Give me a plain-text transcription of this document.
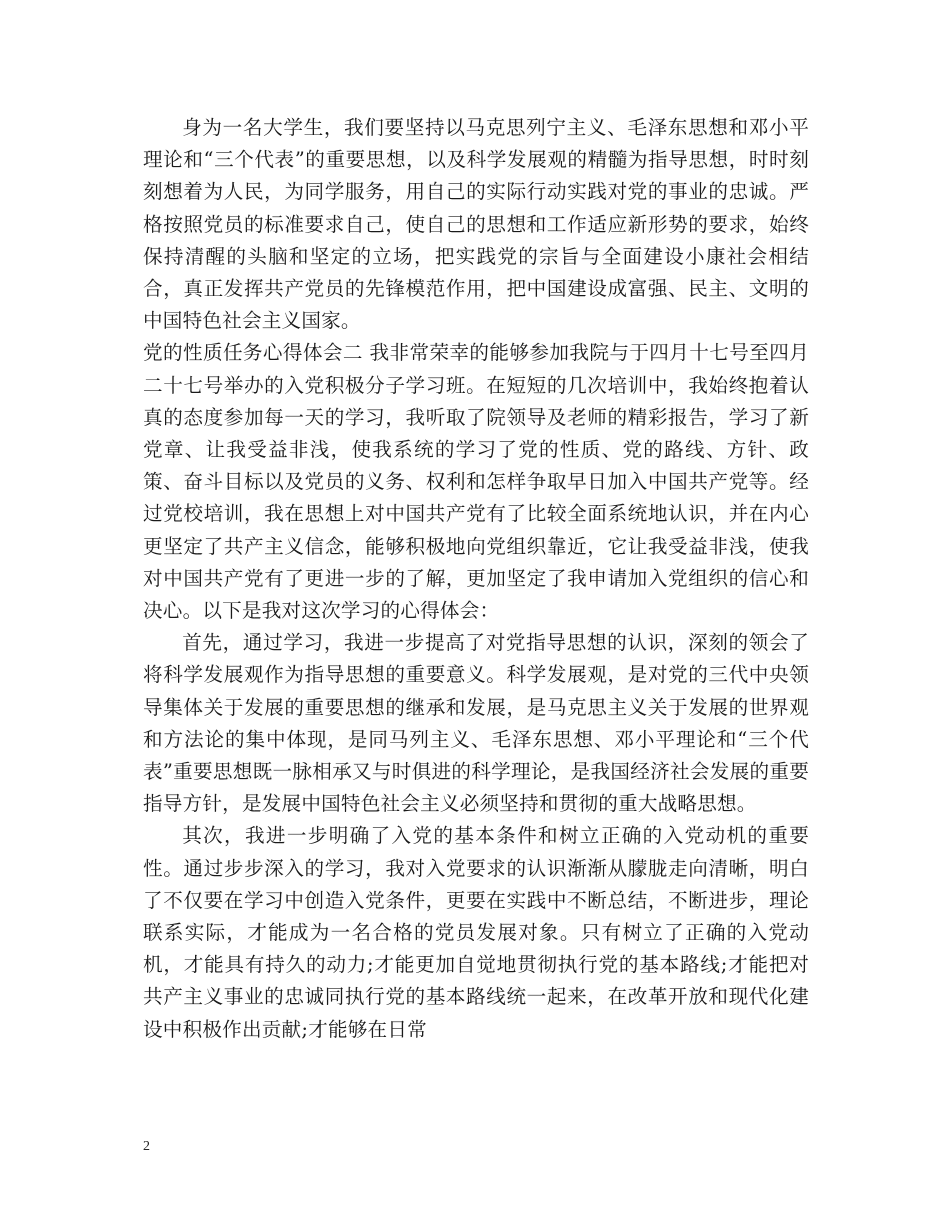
身为一名大学生，我们要坚持以马克思列宁主义、毛泽东思想和邓小平理论和“三个代表”的重要思想，以及科学发展观的精髓为指导思想，时时刻刻想着为人民，为同学服务，用自己的实际行动实践对党的事业的忠诚。严格按照党员的标准要求自己，使自己的思想和工作适应新形势的要求，始终保持清醒的头脑和坚定的立场，把实践党的宗旨与全面建设小康社会相结合，真正发挥共产党员的先锋模范作用，把中国建设成富强、民主、文明的中国特色社会主义国家。

党的性质任务心得体会二 我非常荣幸的能够参加我院与于四月十七号至四月二十七号举办的入党积极分子学习班。在短短的几次培训中，我始终抱着认真的态度参加每一天的学习，我听取了院领导及老师的精彩报告，学习了新党章、让我受益非浅，使我系统的学习了党的性质、党的路线、方针、政策、奋斗目标以及党员的义务、权利和怎样争取早日加入中国共产党等。经过党校培训，我在思想上对中国共产党有了比较全面系统地认识，并在内心更坚定了共产主义信念，能够积极地向党组织靠近，它让我受益非浅，使我对中国共产党有了更进一步的了解，更加坚定了我申请加入党组织的信心和决心。以下是我对这次学习的心得体会：

首先，通过学习，我进一步提高了对党指导思想的认识，深刻的领会了将科学发展观作为指导思想的重要意义。科学发展观，是对党的三代中央领导集体关于发展的重要思想的继承和发展，是马克思主义关于发展的世界观和方法论的集中体现，是同马列主义、毛泽东思想、邓小平理论和“三个代表”重要思想既一脉相承又与时俱进的科学理论，是我国经济社会发展的重要指导方针，是发展中国特色社会主义必须坚持和贯彻的重大战略思想。

其次，我进一步明确了入党的基本条件和树立正确的入党动机的重要性。通过步步深入的学习，我对入党要求的认识渐渐从朦胧走向清晰，明白了不仅要在学习中创造入党条件，更要在实践中不断总结，不断进步，理论联系实际，才能成为一名合格的党员发展对象。只有树立了正确的入党动机，才能具有持久的动力;才能更加自觉地贯彻执行党的基本路线;才能把对共产主义事业的忠诚同执行党的基本路线统一起来，在改革开放和现代化建设中积极作出贡献;才能够在日常

2
